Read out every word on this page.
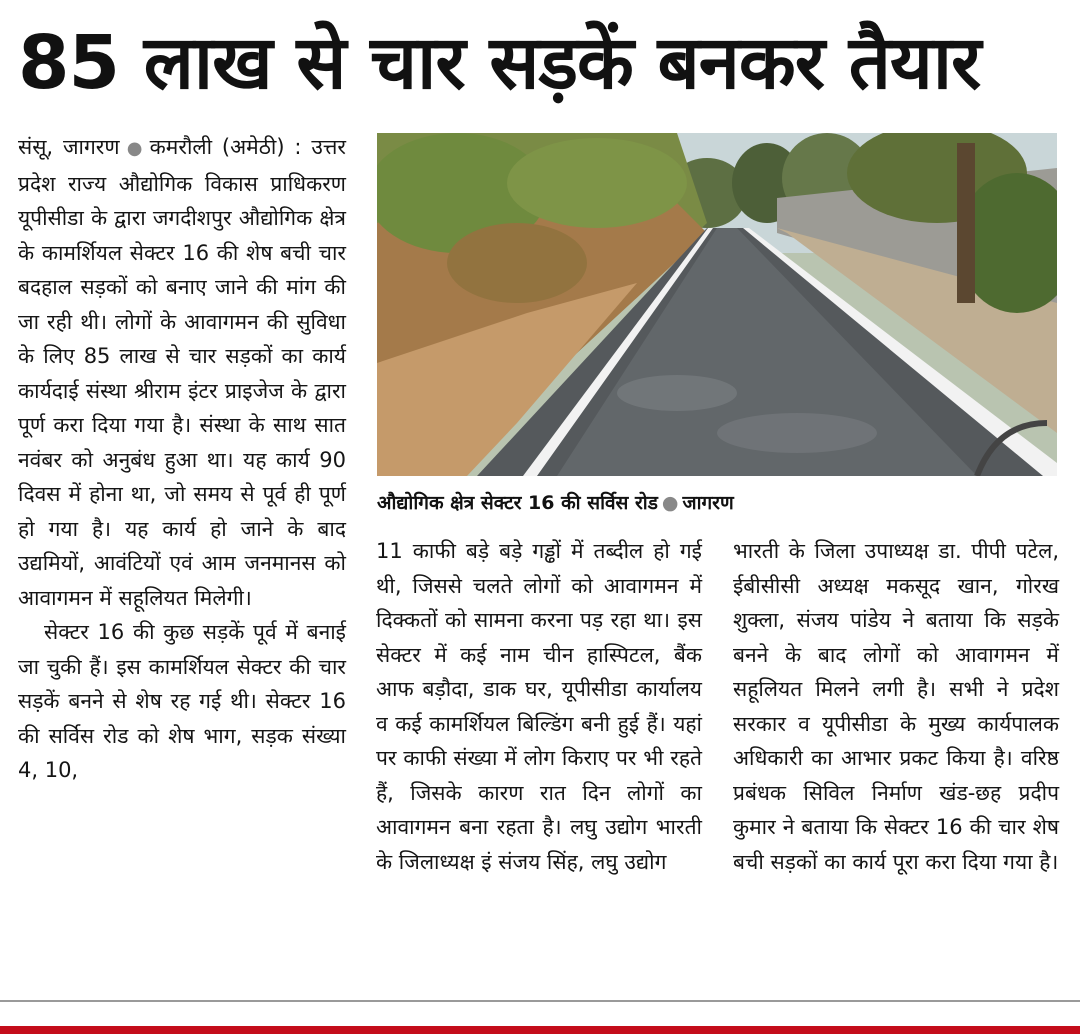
85 लाख से चार सड़कें बनकर तैयार

संसू, जागरण ● कमरौली (अमेठी) : उत्तर प्रदेश राज्य औद्योगिक विकास प्राधिकरण यूपीसीडा के द्वारा जगदीशपुर औद्योगिक क्षेत्र के कामर्शियल सेक्टर 16 की शेष बची चार बदहाल सड़कों को बनाए जाने की मांग की जा रही थी। लोगों के आवागमन की सुविधा के लिए 85 लाख से चार सड़कों का कार्य कार्यदाई संस्था श्रीराम इंटर प्राइजेज के द्वारा पूर्ण करा दिया गया है। संस्था के साथ सात नवंबर को अनुबंध हुआ था। यह कार्य 90 दिवस में होना था, जो समय से पूर्व ही पूर्ण हो गया है। यह कार्य हो जाने के बाद उद्यमियों, आवंटियों एवं आम जनमानस को आवागमन में सहूलियत मिलेगी।

सेक्टर 16 की कुछ सड़कें पूर्व में बनाई जा चुकी हैं। इस कामर्शियल सेक्टर की चार सड़कें बनने से शेष रह गई थी। सेक्टर 16 की सर्विस रोड को शेष भाग, सड़क संख्या 4, 10,

औद्योगिक क्षेत्र सेक्टर 16 की सर्विस रोड ● जागरण

11 काफी बड़े बड़े गड्ढों में तब्दील हो गई थी, जिससे चलते लोगों को आवागमन में दिक्कतों को सामना करना पड़ रहा था। इस सेक्टर में कई नाम चीन हास्पिटल, बैंक आफ बड़ौदा, डाक घर, यूपीसीडा कार्यालय व कई कामर्शियल बिल्डिंग बनी हुई हैं। यहां पर काफी संख्या में लोग किराए पर भी रहते हैं, जिसके कारण रात दिन लोगों का आवागमन बना रहता है। लघु उद्योग भारती के जिलाध्यक्ष इं संजय सिंह, लघु उद्योग

भारती के जिला उपाध्यक्ष डा. पीपी पटेल, ईबीसीसी अध्यक्ष मकसूद खान, गोरख शुक्ला, संजय पांडेय ने बताया कि सड़के बनने के बाद लोगों को आवागमन में सहूलियत मिलने लगी है। सभी ने प्रदेश सरकार व यूपीसीडा के मुख्य कार्यपालक अधिकारी का आभार प्रकट किया है। वरिष्ठ प्रबंधक सिविल निर्माण खंड-छह प्रदीप कुमार ने बताया कि सेक्टर 16 की चार शेष बची सड़कों का कार्य पूरा करा दिया गया है।
